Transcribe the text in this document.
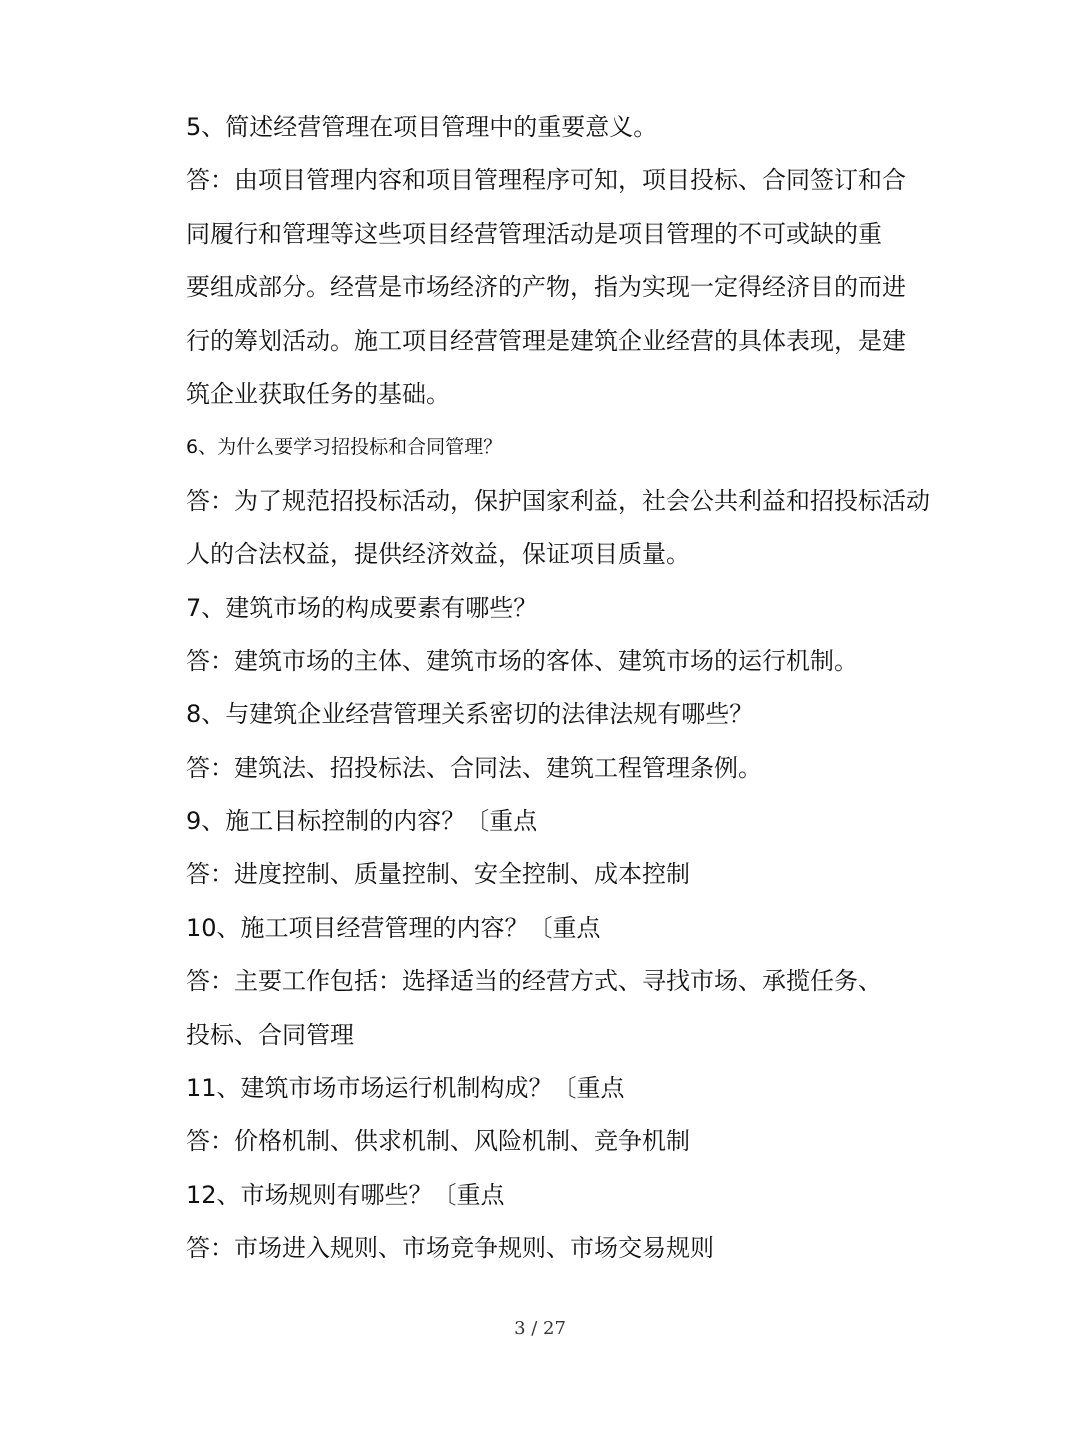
5、简述经营管理在项目管理中的重要意义。
答：由项目管理内容和项目管理程序可知，项目投标、合同签订和合
同履行和管理等这些项目经营管理活动是项目管理的不可或缺的重
要组成部分。经营是市场经济的产物，指为实现一定得经济目的而进
行的筹划活动。施工项目经营管理是建筑企业经营的具体表现，是建
筑企业获取任务的基础。
6、为什么要学习招投标和合同管理？
答：为了规范招投标活动，保护国家利益，社会公共利益和招投标活动
人的合法权益，提供经济效益，保证项目质量。
7、建筑市场的构成要素有哪些？
答：建筑市场的主体、建筑市场的客体、建筑市场的运行机制。
8、与建筑企业经营管理关系密切的法律法规有哪些？
答：建筑法、招投标法、合同法、建筑工程管理条例。
9、施工目标控制的内容？〔重点
答：进度控制、质量控制、安全控制、成本控制
10、施工项目经营管理的内容？〔重点
答：主要工作包括：选择适当的经营方式、寻找市场、承揽任务、
投标、合同管理
11、建筑市场市场运行机制构成？〔重点
答：价格机制、供求机制、风险机制、竞争机制
12、市场规则有哪些？〔重点
答：市场进入规则、市场竞争规则、市场交易规则
3 / 27
